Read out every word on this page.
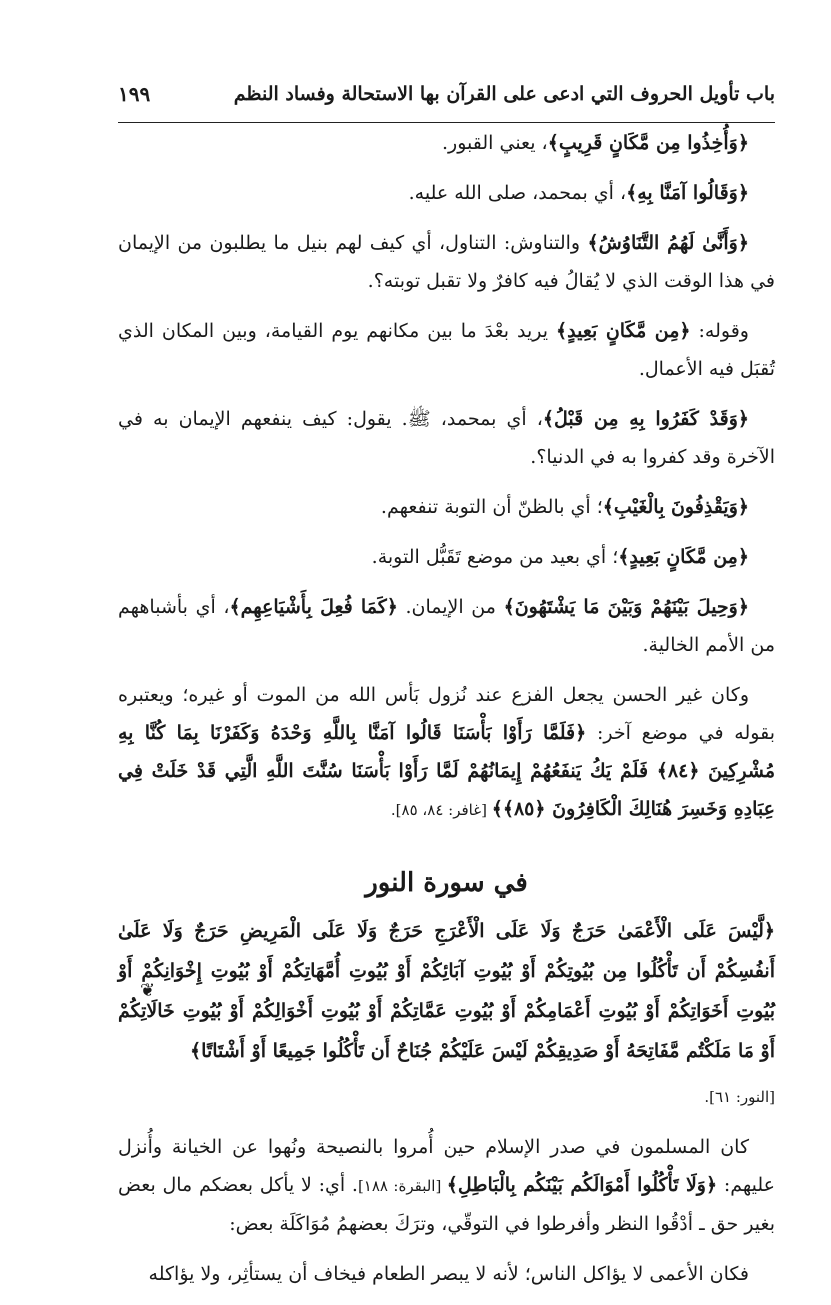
باب تأويل الحروف التي ادعى على القرآن بها الاستحالة وفساد النظم
١٩٩

﴿وَأُخِذُوا مِن مَّكَانٍ قَرِيبٍ﴾، يعني القبور.

﴿وَقَالُوا آمَنَّا بِهِ﴾، أي بمحمد، صلى الله عليه.

﴿وَأَنَّىٰ لَهُمُ التَّنَاوُشُ﴾ والتناوش: التناول، أي كيف لهم بنيل ما يطلبون من الإيمان في هذا الوقت الذي لا يُقالُ فيه كافرٌ ولا تقبل توبته؟.

وقوله: ﴿مِن مَّكَانٍ بَعِيدٍ﴾ يريد بعْدَ ما بين مكانهم يوم القيامة، وبين المكان الذي تُقبَل فيه الأعمال.

﴿وَقَدْ كَفَرُوا بِهِ مِن قَبْلُ﴾، أي بمحمد، ﷺ. يقول: كيف ينفعهم الإيمان به في الآخرة وقد كفروا به في الدنيا؟.

﴿وَيَقْذِفُونَ بِالْغَيْبِ﴾؛ أي بالظنّ أن التوبة تنفعهم.

﴿مِن مَّكَانٍ بَعِيدٍ﴾؛ أي بعيد من موضع تَقَبُّل التوبة.

﴿وَحِيلَ بَيْنَهُمْ وَبَيْنَ مَا يَشْتَهُونَ﴾ من الإيمان. ﴿كَمَا فُعِلَ بِأَشْيَاعِهِم﴾، أي بأشباههم من الأمم الخالية.

وكان غير الحسن يجعل الفزع عند نُزول بَأس الله من الموت أو غيره؛ ويعتبره بقوله في موضع آخر: ﴿فَلَمَّا رَأَوْا بَأْسَنَا قَالُوا آمَنَّا بِاللَّهِ وَحْدَهُ وَكَفَرْنَا بِمَا كُنَّا بِهِ مُشْرِكِينَ ﴿٨٤﴾ فَلَمْ يَكُ يَنفَعُهُمْ إِيمَانُهُمْ لَمَّا رَأَوْا بَأْسَنَا سُنَّتَ اللَّهِ الَّتِي قَدْ خَلَتْ فِي عِبَادِهِ وَخَسِرَ هُنَالِكَ الْكَافِرُونَ ﴿٨٥﴾﴾ [غافر: ٨٤، ٨٥].

في سورة النور

﴿لَّيْسَ عَلَى الْأَعْمَىٰ حَرَجٌ وَلَا عَلَى الْأَعْرَجِ حَرَجٌ وَلَا عَلَى الْمَرِيضِ حَرَجٌ وَلَا عَلَىٰ أَنفُسِكُمْ أَن تَأْكُلُوا مِن بُيُوتِكُمْ أَوْ بُيُوتِ آبَائِكُمْ أَوْ بُيُوتِ أُمَّهَاتِكُمْ أَوْ بُيُوتِ إِخْوَانِكُمْ أَوْ بُيُوتِ أَخَوَاتِكُمْ أَوْ بُيُوتِ أَعْمَامِكُمْ أَوْ بُيُوتِ عَمَّاتِكُمْ أَوْ بُيُوتِ أَخْوَالِكُمْ أَوْ بُيُوتِ خَالَاتِكُمْ أَوْ مَا مَلَكْتُم مَّفَاتِحَهُ أَوْ صَدِيقِكُمْ لَيْسَ عَلَيْكُمْ جُنَاحٌ أَن تَأْكُلُوا جَمِيعًا أَوْ أَشْتَاتًا﴾

[النور: ٦١].

كان المسلمون في صدر الإسلام حين أُمروا بالنصيحة ونُهوا عن الخيانة وأُنزل عليهم: ﴿وَلَا تَأْكُلُوا أَمْوَالَكُم بَيْنَكُم بِالْبَاطِلِ﴾ [البقرة: ١٨٨]. أي: لا يأكل بعضكم مال بعض بغير حق ـ أدْقُوا النظر وأفرطوا في التوقّي، وترَكَ بعضهمُ مُوَاكَلَة بعض:

فكان الأعمى لا يؤاكل الناس؛ لأنه لا يبصر الطعام فيخاف أن يستأثِر، ولا يؤاكله

❦
